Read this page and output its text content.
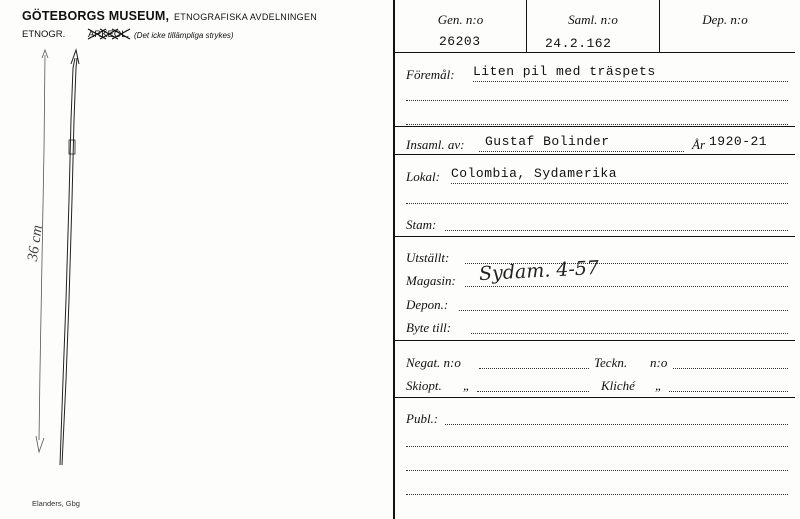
GÖTEBORGS MUSEUM, ETNOGRAFISKA AVDELNINGEN
ETNOGR. ARKEOL. (Det icke tillämpliga strykes)
36 cm
Elanders, Gbg
Gen. n:o
26203
Saml. n:o
24.2.162
Dep. n:o
Föremål: Liten pil med träspets
Insaml. av: Gustaf Bolinder	År 1920-21
Lokal: Colombia, Sydamerika
Stam:
Utställt:
Magasin: Sydam. 4-57
Depon.:
Byte till:
Negat. n:o	Teckn. n:o
Skiopt. „	Kliché „
Publ.:
